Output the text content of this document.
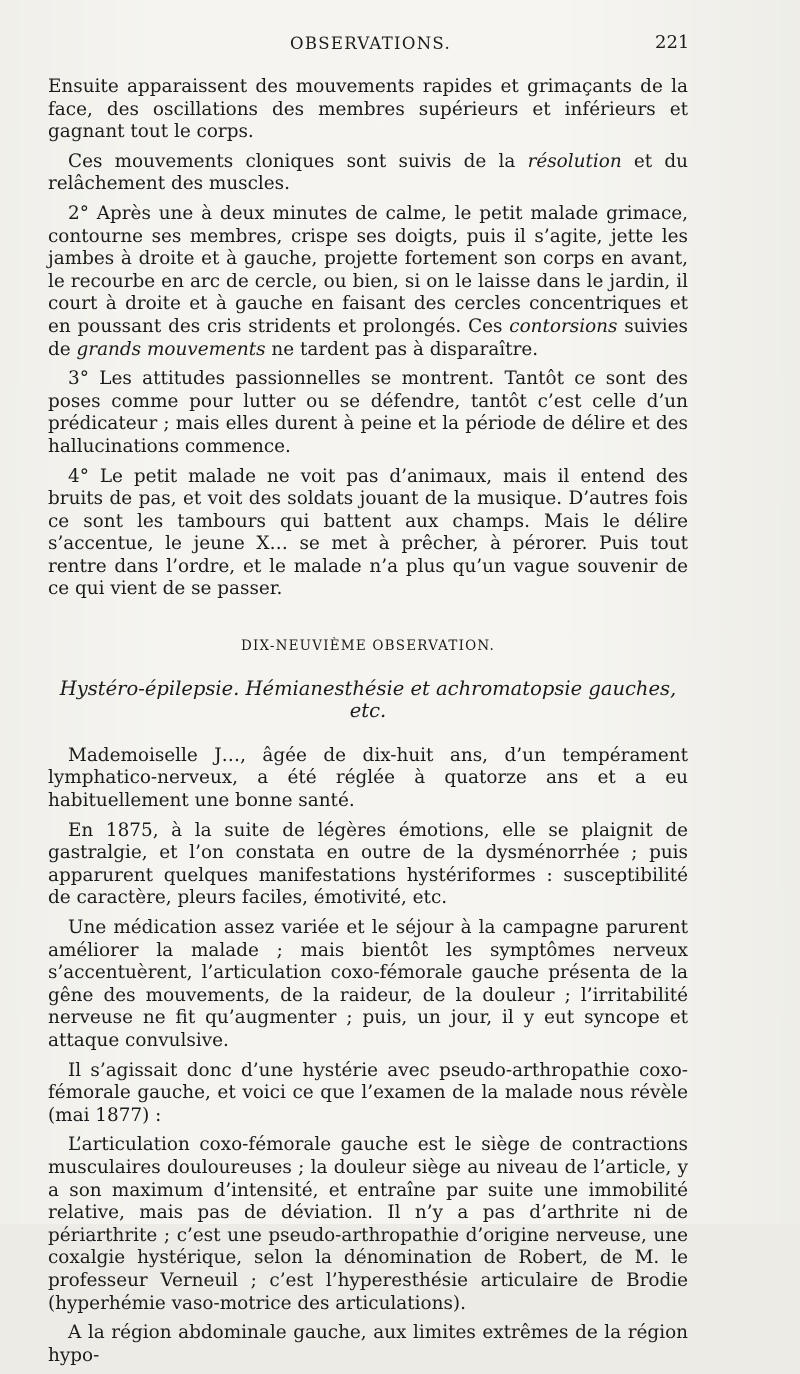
OBSERVATIONS.	221

Ensuite apparaissent des mouvements rapides et grimaçants de la face, des oscillations des membres supérieurs et inférieurs et gagnant tout le corps.

Ces mouvements cloniques sont suivis de la résolution et du relâchement des muscles.

2° Après une à deux minutes de calme, le petit malade grimace, contourne ses membres, crispe ses doigts, puis il s’agite, jette les jambes à droite et à gauche, projette fortement son corps en avant, le recourbe en arc de cercle, ou bien, si on le laisse dans le jardin, il court à droite et à gauche en faisant des cercles concentriques et en poussant des cris stridents et prolongés. Ces contorsions suivies de grands mouvements ne tardent pas à disparaître.

3° Les attitudes passionnelles se montrent. Tantôt ce sont des poses comme pour lutter ou se défendre, tantôt c’est celle d’un prédicateur ; mais elles durent à peine et la période de délire et des hallucinations commence.

4° Le petit malade ne voit pas d’animaux, mais il entend des bruits de pas, et voit des soldats jouant de la musique. D’autres fois ce sont les tambours qui battent aux champs. Mais le délire s’accentue, le jeune X… se met à prêcher, à pérorer. Puis tout rentre dans l’ordre, et le malade n’a plus qu’un vague souvenir de ce qui vient de se passer.

DIX-NEUVIÈME OBSERVATION.
Hystéro-épilepsie. Hémianesthésie et achromatopsie gauches, etc.

Mademoiselle J…, âgée de dix-huit ans, d’un tempérament lymphatico-nerveux, a été réglée à quatorze ans et a eu habituellement une bonne santé.

En 1875, à la suite de légères émotions, elle se plaignit de gastralgie, et l’on constata en outre de la dysménorrhée ; puis apparurent quelques manifestations hystériformes : susceptibilité de caractère, pleurs faciles, émotivité, etc.

Une médication assez variée et le séjour à la campagne parurent améliorer la malade ; mais bientôt les symptômes nerveux s’accentuèrent, l’articulation coxo-fémorale gauche présenta de la gêne des mouvements, de la raideur, de la douleur ; l’irritabilité nerveuse ne fit qu’augmenter ; puis, un jour, il y eut syncope et attaque convulsive.

Il s’agissait donc d’une hystérie avec pseudo-arthropathie coxo-fémorale gauche, et voici ce que l’examen de la malade nous révèle (mai 1877) :

L’articulation coxo-fémorale gauche est le siège de contractions musculaires douloureuses ; la douleur siège au niveau de l’article, y a son maximum d’intensité, et entraîne par suite une immobilité relative, mais pas de déviation. Il n’y a pas d’arthrite ni de périarthrite ; c’est une pseudo-arthropathie d’origine nerveuse, une coxalgie hystérique, selon la dénomination de Robert, de M. le professeur Verneuil ; c’est l’hyperesthésie articulaire de Brodie (hyperhémie vaso-motrice des articulations).

A la région abdominale gauche, aux limites extrêmes de la région hypo-
